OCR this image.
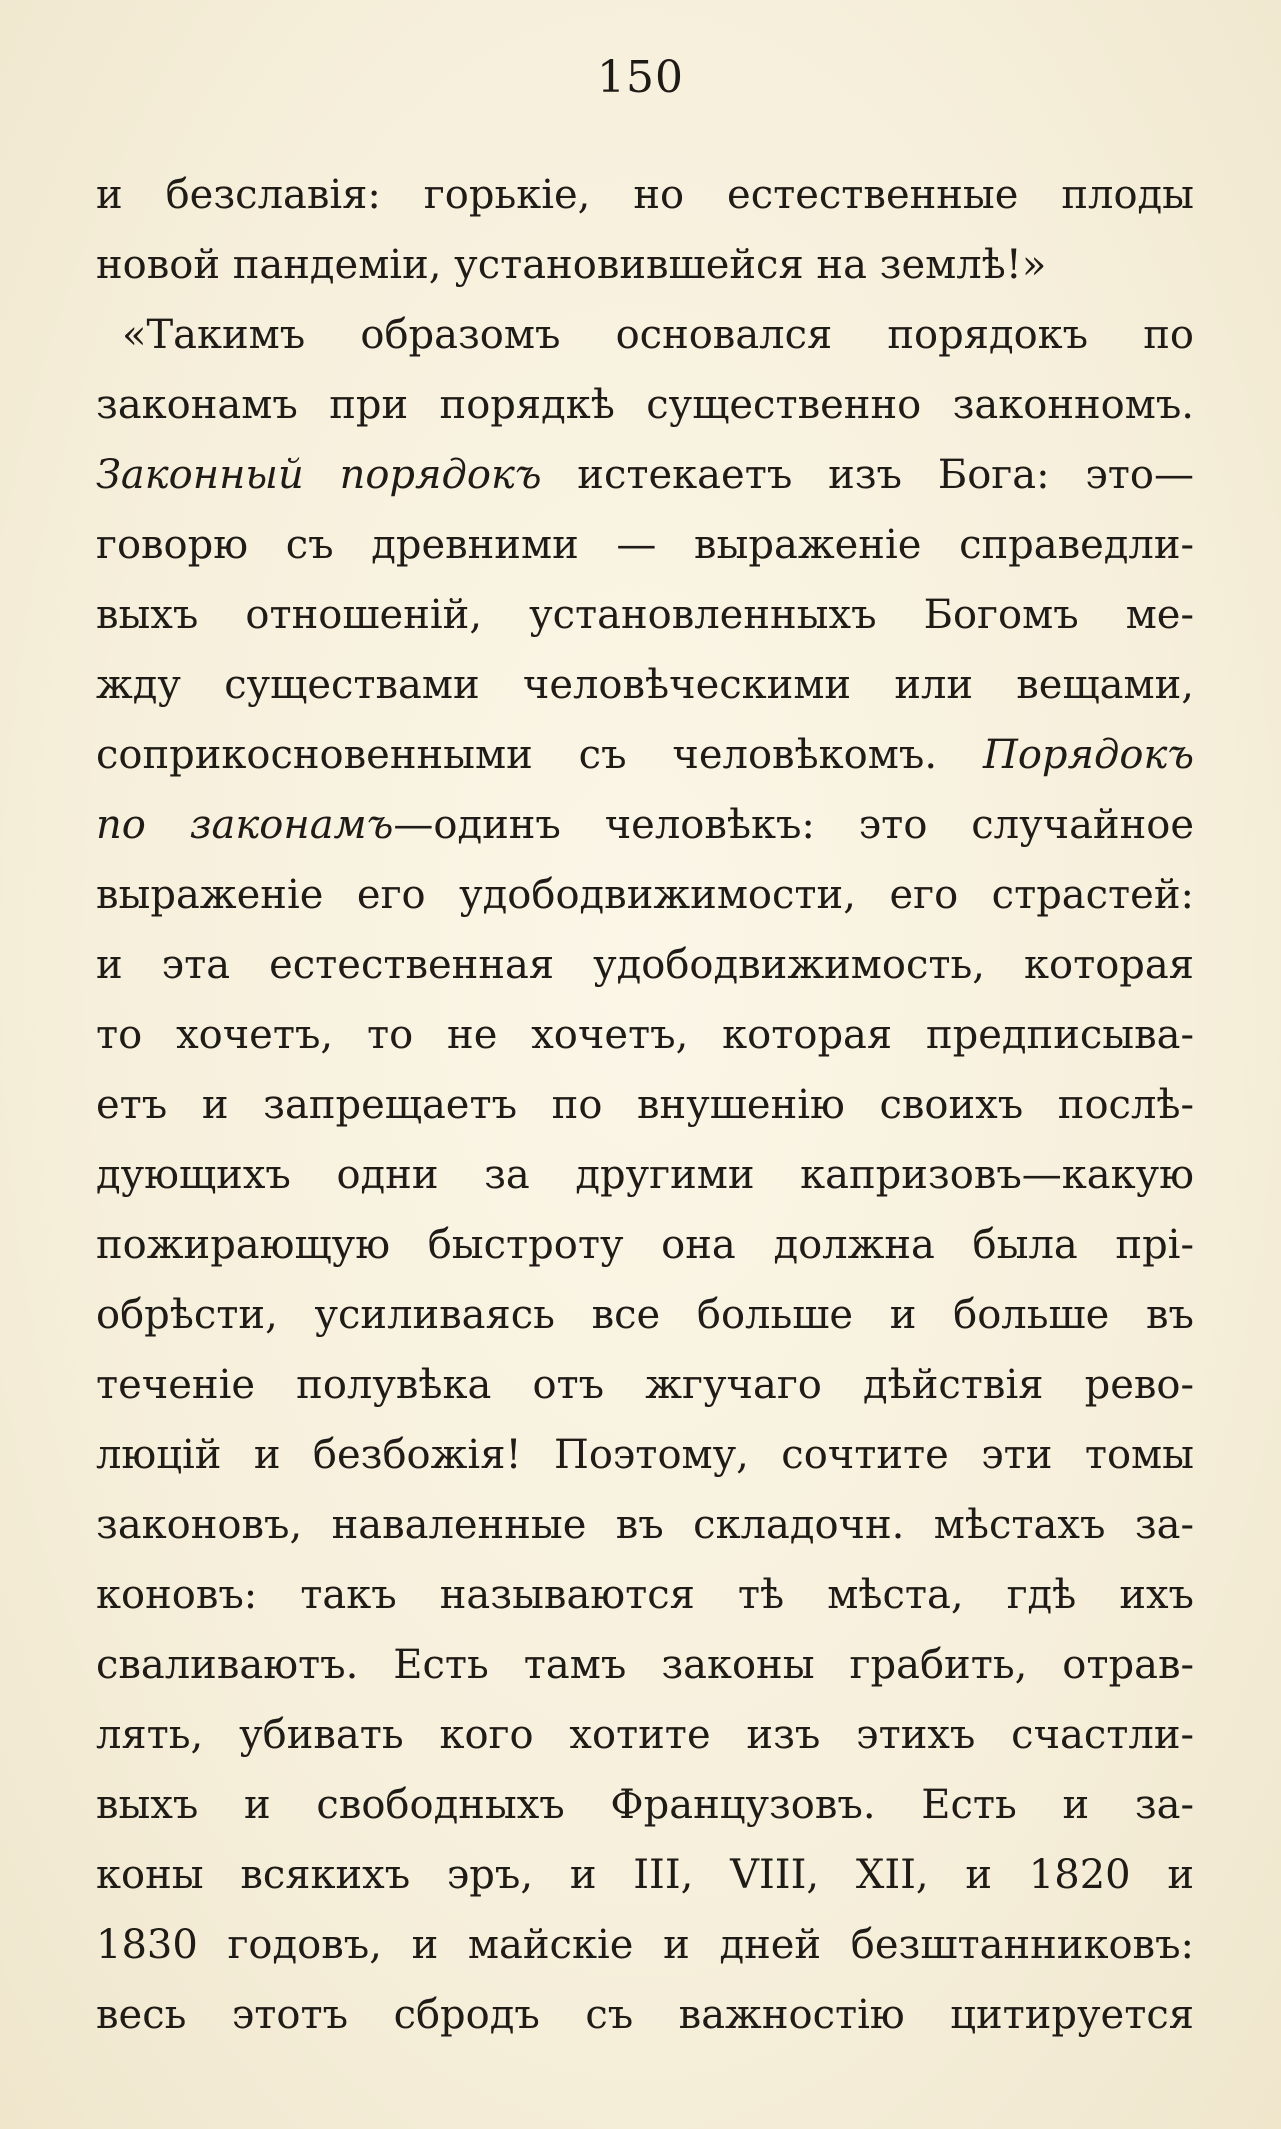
150
и безславія: горькіе, но естественные плоды
новой пандеміи, установившейся на землѣ!»
«Такимъ образомъ основался порядокъ по
законамъ при порядкѣ существенно законномъ.
Законный порядокъ истекаетъ изъ Бога: это—
говорю съ древними — выраженіе справедли-
выхъ отношеній, установленныхъ Богомъ ме-
жду существами человѣческими или вещами,
соприкосновенными съ человѣкомъ. Порядокъ
по законамъ—одинъ человѣкъ: это случайное
выраженіе его удободвижимости, его страстей:
и эта естественная удободвижимость, которая
то хочетъ, то не хочетъ, которая предписыва-
етъ и запрещаетъ по внушенію своихъ послѣ-
дующихъ одни за другими капризовъ—какую
пожирающую быстроту она должна была прі-
обрѣсти, усиливаясь все больше и больше въ
теченіе полувѣка отъ жгучаго дѣйствія рево-
люцій и безбожія! Поэтому, сочтите эти томы
законовъ, наваленные въ складочн. мѣстахъ за-
коновъ: такъ называются тѣ мѣста, гдѣ ихъ
сваливаютъ. Есть тамъ законы грабить, отрав-
лять, убивать кого хотите изъ этихъ счастли-
выхъ и свободныхъ Французовъ. Есть и за-
коны всякихъ эръ, и III, VIII, XII, и 1820 и
1830 годовъ, и майскіе и дней безштанниковъ:
весь этотъ сбродъ съ важностію цитируется
